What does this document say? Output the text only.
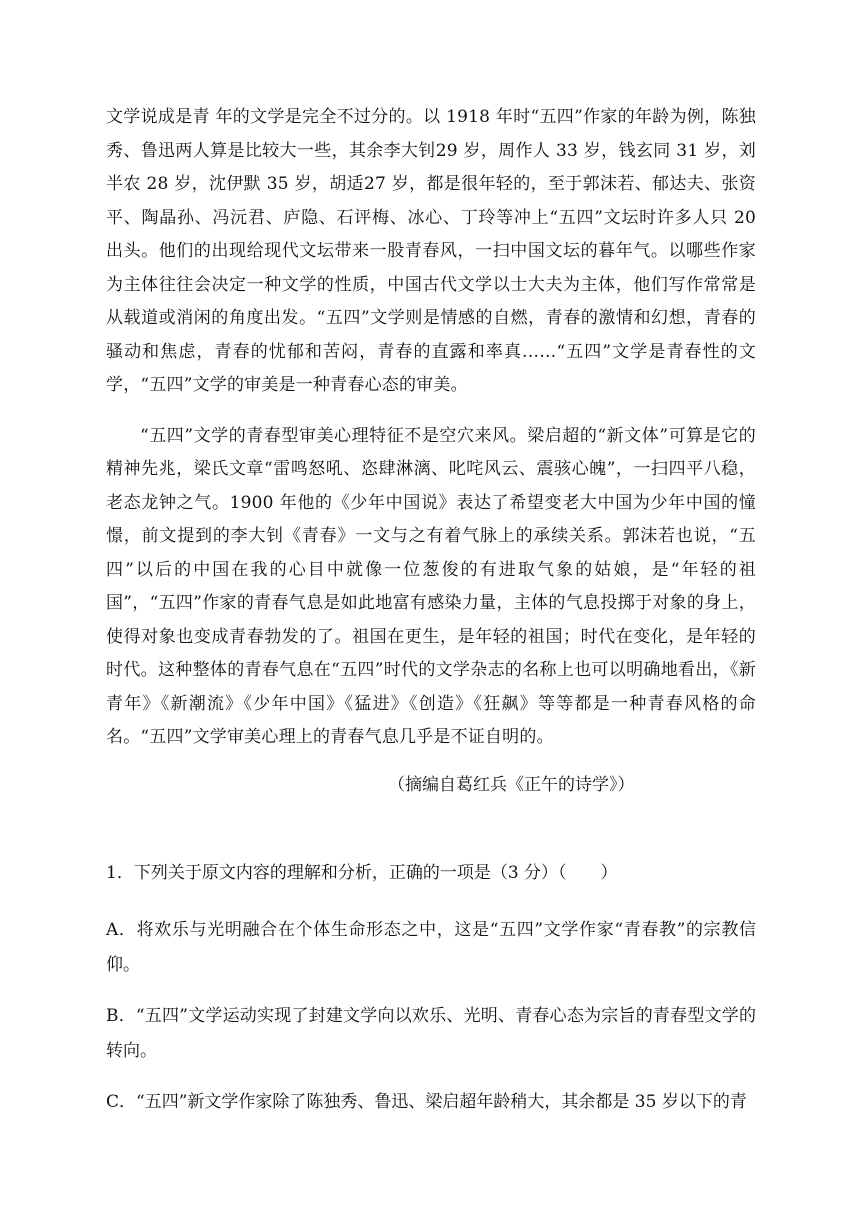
文学说成是青 年的文学是完全不过分的。以 1918 年时“五四”作家的年龄为例，陈独秀、鲁迅两人算是比较大一些，其余李大钊29 岁，周作人 33 岁，钱玄同 31 岁，刘半农 28 岁，沈伊默 35 岁，胡适27 岁，都是很年轻的，至于郭沫若、郁达夫、张资平、陶晶孙、冯沅君、庐隐、石评梅、冰心、丁玲等冲上“五四”文坛时许多人只 20 出头。他们的出现给现代文坛带来一股青春风，一扫中国文坛的暮年气。以哪些作家为主体往往会决定一种文学的性质，中国古代文学以士大夫为主体，他们写作常常是从载道或消闲的角度出发。“五四”文学则是情感的自燃，青春的激情和幻想，青春的骚动和焦虑，青春的忧郁和苦闷，青春的直露和率真……“五四”文学是青春性的文学，“五四”文学的审美是一种青春心态的审美。

“五四”文学的青春型审美心理特征不是空穴来风。梁启超的“新文体”可算是它的精神先兆，梁氏文章“雷鸣怒吼、恣肆淋漓、叱咤风云、震骇心魄”，一扫四平八稳，老态龙钟之气。1900 年他的《少年中国说》表达了希望变老大中国为少年中国的憧憬，前文提到的李大钊《青春》一文与之有着气脉上的承续关系。郭沫若也说，“五四”以后的中国在我的心目中就像一位葱俊的有进取气象的姑娘，是“年轻的祖国”，“五四”作家的青春气息是如此地富有感染力量，主体的气息投掷于对象的身上，使得对象也变成青春勃发的了。祖国在更生，是年轻的祖国；时代在变化，是年轻的时代。这种整体的青春气息在“五四”时代的文学杂志的名称上也可以明确地看出，《新青年》《新潮流》《少年中国》《猛进》《创造》《狂飙》等等都是一种青春风格的命名。“五四”文学审美心理上的青春气息几乎是不证自明的。

（摘编自葛红兵《正午的诗学》）

1．下列关于原文内容的理解和分析，正确的一项是（3 分）（　　）

A．将欢乐与光明融合在个体生命形态之中，这是“五四”文学作家“青春教”的宗教信仰。

B．“五四”文学运动实现了封建文学向以欢乐、光明、青春心态为宗旨的青春型文学的转向。

C．“五四”新文学作家除了陈独秀、鲁迅、梁启超年龄稍大，其余都是 35 岁以下的青
